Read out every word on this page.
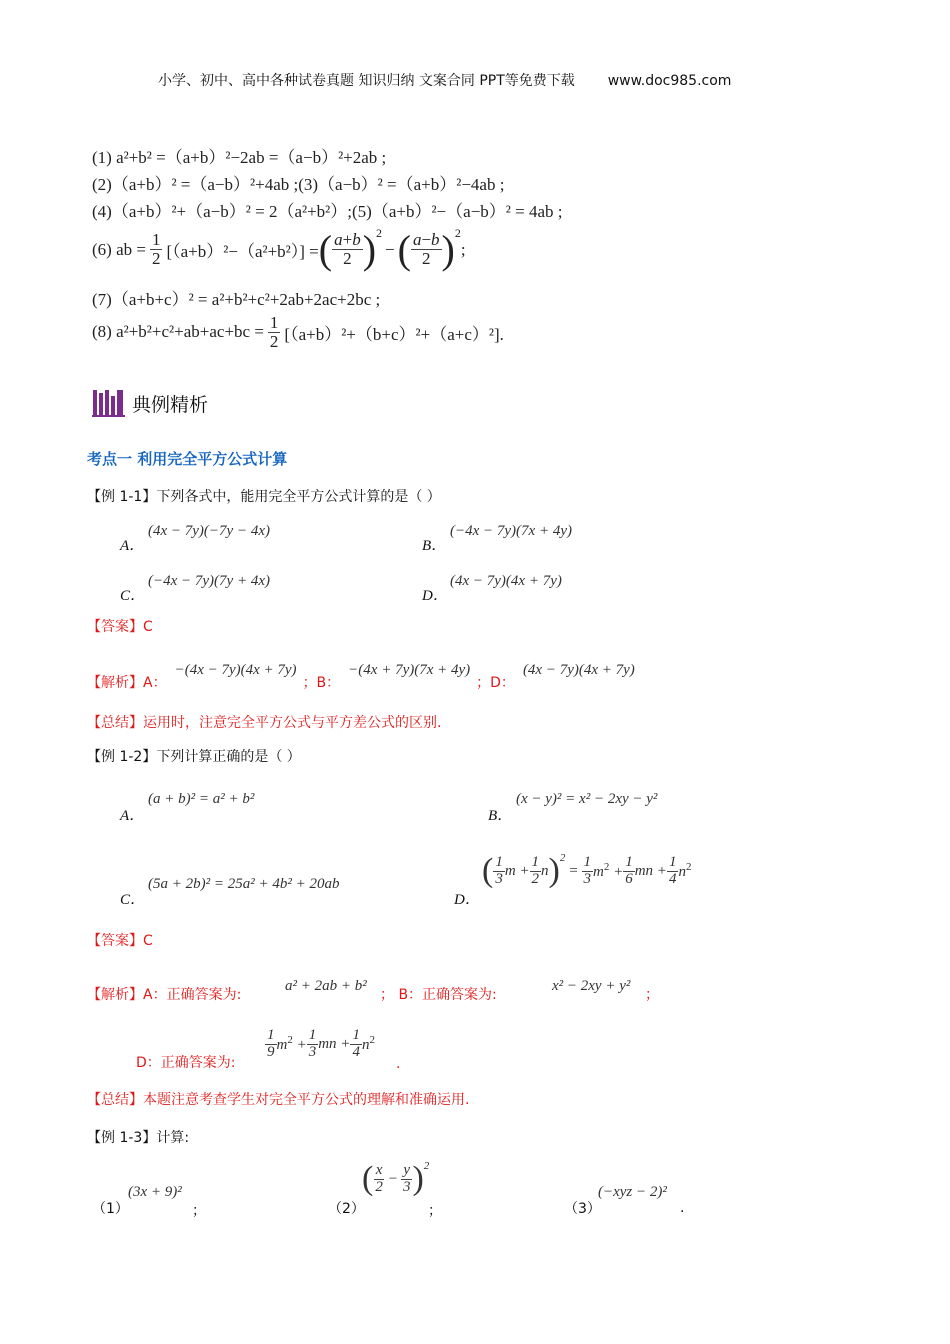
小学、初中、高中各种试卷真题 知识归纳 文案合同 PPT等免费下载 www.doc985.com
(1) a²+b² =（a+b）²−2ab =（a−b）²+2ab ;
(2)（a+b）² =（a−b）²+4ab ;(3)（a−b）² =（a+b）²−4ab ;
(4)（a+b）²+（a−b）² = 2（a²+b²）;(5)（a+b）²−（a−b）² = 4ab ;
(6) ab = $\frac{1}{2} [(a+b)^2-(a^2+b^2)]$ = ( $\frac{a+b}{2}$ ) 2
− ( $\frac{a-b}{2}$ ) 2
;
(7)（a+b+c）² = a²+b²+c²+2ab+2ac+2bc ;
(8) $a^2+b^2+c^2+ab+ac+bc = \frac{1}{2} [(a+b)^2+(b+c)^2+(a+c)^2]$.
典例精析
考点一 利用完全平方公式计算
【例 1-1】下列各式中，能用完全平方公式计算的是（ ）
A．
(4x − 7y)(−7y − 4x)
B．
(−4x − 7y)(7x + 4y)
C．
(−4x − 7y)(7y + 4x)
D．
(4x − 7y)(4x + 7y)
【答案】C
【解析】A：
−(4x − 7y)(4x + 7y)
；B：
−(4x + 7y)(7x + 4y)
；D：
(4x − 7y)(4x + 7y)
【总结】运用时，注意完全平方公式与平方差公式的区别.
【例 1-2】下列计算正确的是（ ）
A．
(a + b)² = a² + b²
B．
(x − y)² = x² − 2xy − y²
C．
(5a + 2b)² = 25a² + 4b² + 20ab
D．
( $\frac{1}{3}$ $m + \frac{1}{2}$ n ) 2
= $\frac{1}{3} m^2 + \frac{1}{6}$ mn + $\frac{1}{4} n^2$
【答案】C
【解析】A：正确答案为:
a² + 2ab + b²
； B：正确答案为:
x² − 2xy + y²
；
D：正确答案为:
$\frac{1}{9} m^2 + \frac{1}{3}$ mn + $\frac{1}{4} n^2$
.
【总结】本题注意考查学生对完全平方公式的理解和准确运用.
【例 1-3】计算:
（1）
(3x + 9)²
；	（2）
( $\frac{x}{2} - \frac{y}{3}$ ) 2
；	（3）
(−xyz − 2)²
.
